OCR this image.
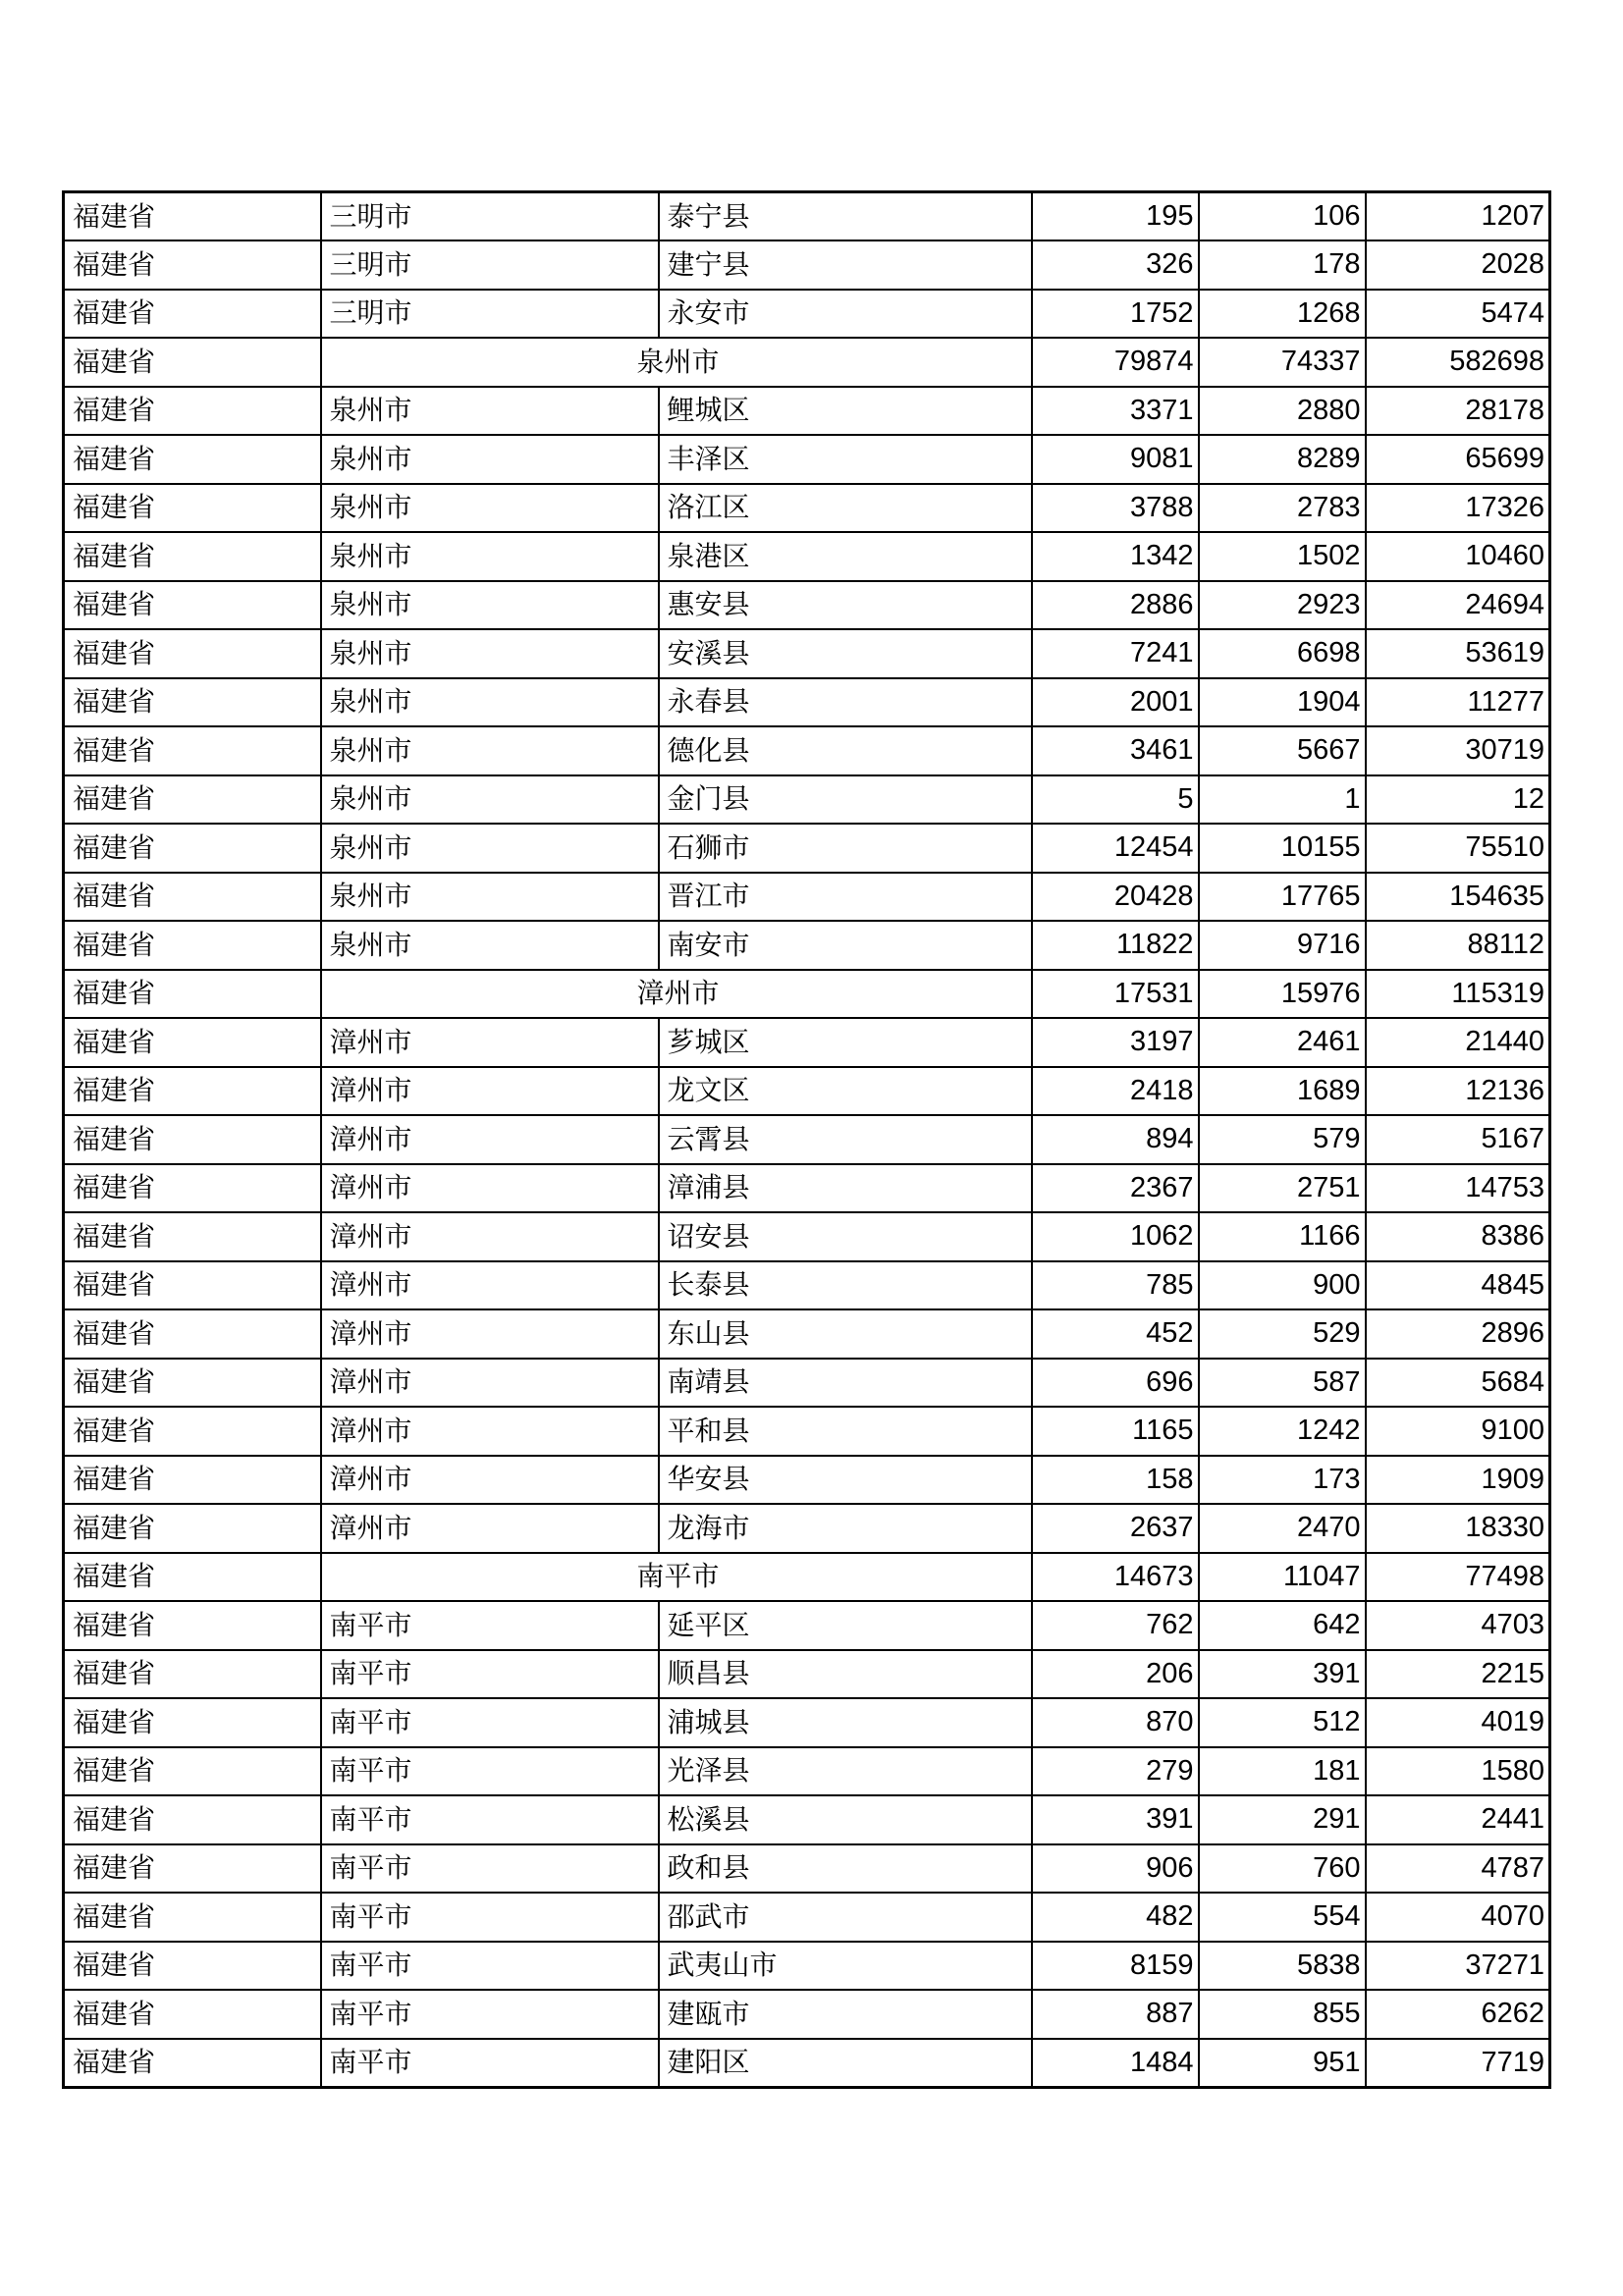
福建省	三明市	泰宁县	195	106	1207
福建省	三明市	建宁县	326	178	2028
福建省	三明市	永安市	1752	1268	5474
福建省	泉州市		79874	74337	582698
福建省	泉州市	鲤城区	3371	2880	28178
福建省	泉州市	丰泽区	9081	8289	65699
福建省	泉州市	洛江区	3788	2783	17326
福建省	泉州市	泉港区	1342	1502	10460
福建省	泉州市	惠安县	2886	2923	24694
福建省	泉州市	安溪县	7241	6698	53619
福建省	泉州市	永春县	2001	1904	11277
福建省	泉州市	德化县	3461	5667	30719
福建省	泉州市	金门县	5	1	12
福建省	泉州市	石狮市	12454	10155	75510
福建省	泉州市	晋江市	20428	17765	154635
福建省	泉州市	南安市	11822	9716	88112
福建省	漳州市		17531	15976	115319
福建省	漳州市	芗城区	3197	2461	21440
福建省	漳州市	龙文区	2418	1689	12136
福建省	漳州市	云霄县	894	579	5167
福建省	漳州市	漳浦县	2367	2751	14753
福建省	漳州市	诏安县	1062	1166	8386
福建省	漳州市	长泰县	785	900	4845
福建省	漳州市	东山县	452	529	2896
福建省	漳州市	南靖县	696	587	5684
福建省	漳州市	平和县	1165	1242	9100
福建省	漳州市	华安县	158	173	1909
福建省	漳州市	龙海市	2637	2470	18330
福建省	南平市		14673	11047	77498
福建省	南平市	延平区	762	642	4703
福建省	南平市	顺昌县	206	391	2215
福建省	南平市	浦城县	870	512	4019
福建省	南平市	光泽县	279	181	1580
福建省	南平市	松溪县	391	291	2441
福建省	南平市	政和县	906	760	4787
福建省	南平市	邵武市	482	554	4070
福建省	南平市	武夷山市	8159	5838	37271
福建省	南平市	建瓯市	887	855	6262
福建省	南平市	建阳区	1484	951	7719
